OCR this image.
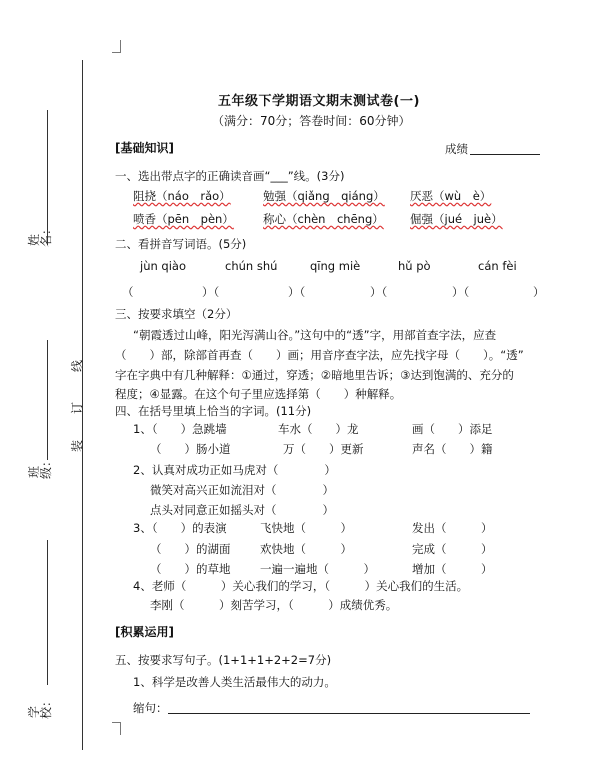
姓名：
班级：
学校：
线
订
装
五年级下学期语文期末测试卷(一)
（满分：70分；答卷时间：60分钟）
[基础知识]	成绩
一、选出带点字的正确读音画“___”线。(3分)
阻挠（náo　rǎo）	勉强（qiǎng　qiáng） 厌恶（wù　è）
喷香（pēn　pèn）	称心（chèn　chēng） 倔强（jué　juè）
二、看拼音写词语。(5分)
jùn qiào	chún shú	qīng miè	hǔ pò	cán fèi
（	）（	）（	）（	）（	）
三、按要求填空（2分）
“朝霞透过山峰，阳光泻满山谷。”这句中的“透”字，用部首查字法，应查
（　　）部，除部首再查（　　）画；用音序查字法，应先找字母（　　）。“透”
字在字典中有几种解释：①通过，穿透；②暗地里告诉；③达到饱满的、充分的
程度；④显露。在这个句子里应选择第（　　）种解释。
四、在括号里填上恰当的字词。(11分)
1、（　　）急跳墙	车水（　　）龙	画（　　）添足
（　　）肠小道	万（　　）更新	声名（　　）籍
2、认真对成功正如马虎对（　　　　）
微笑对高兴正如流泪对（　　　　）
点头对同意正如摇头对（　　　　）
3、（　　）的表演	飞快地（　　　）	发出（　　　）
（　　）的湖面	欢快地（　　　）	完成（　　　）
（　　）的草地	一遍一遍地（　　　）	增加（　　　）
4、老师（　　　）关心我们的学习，（　　　）关心我们的生活。
李刚（　　　）刻苦学习，（　　　）成绩优秀。
[积累运用]
五、按要求写句子。(1+1+1+2+2=7分)
1、科学是改善人类生活最伟大的动力。
缩句：
